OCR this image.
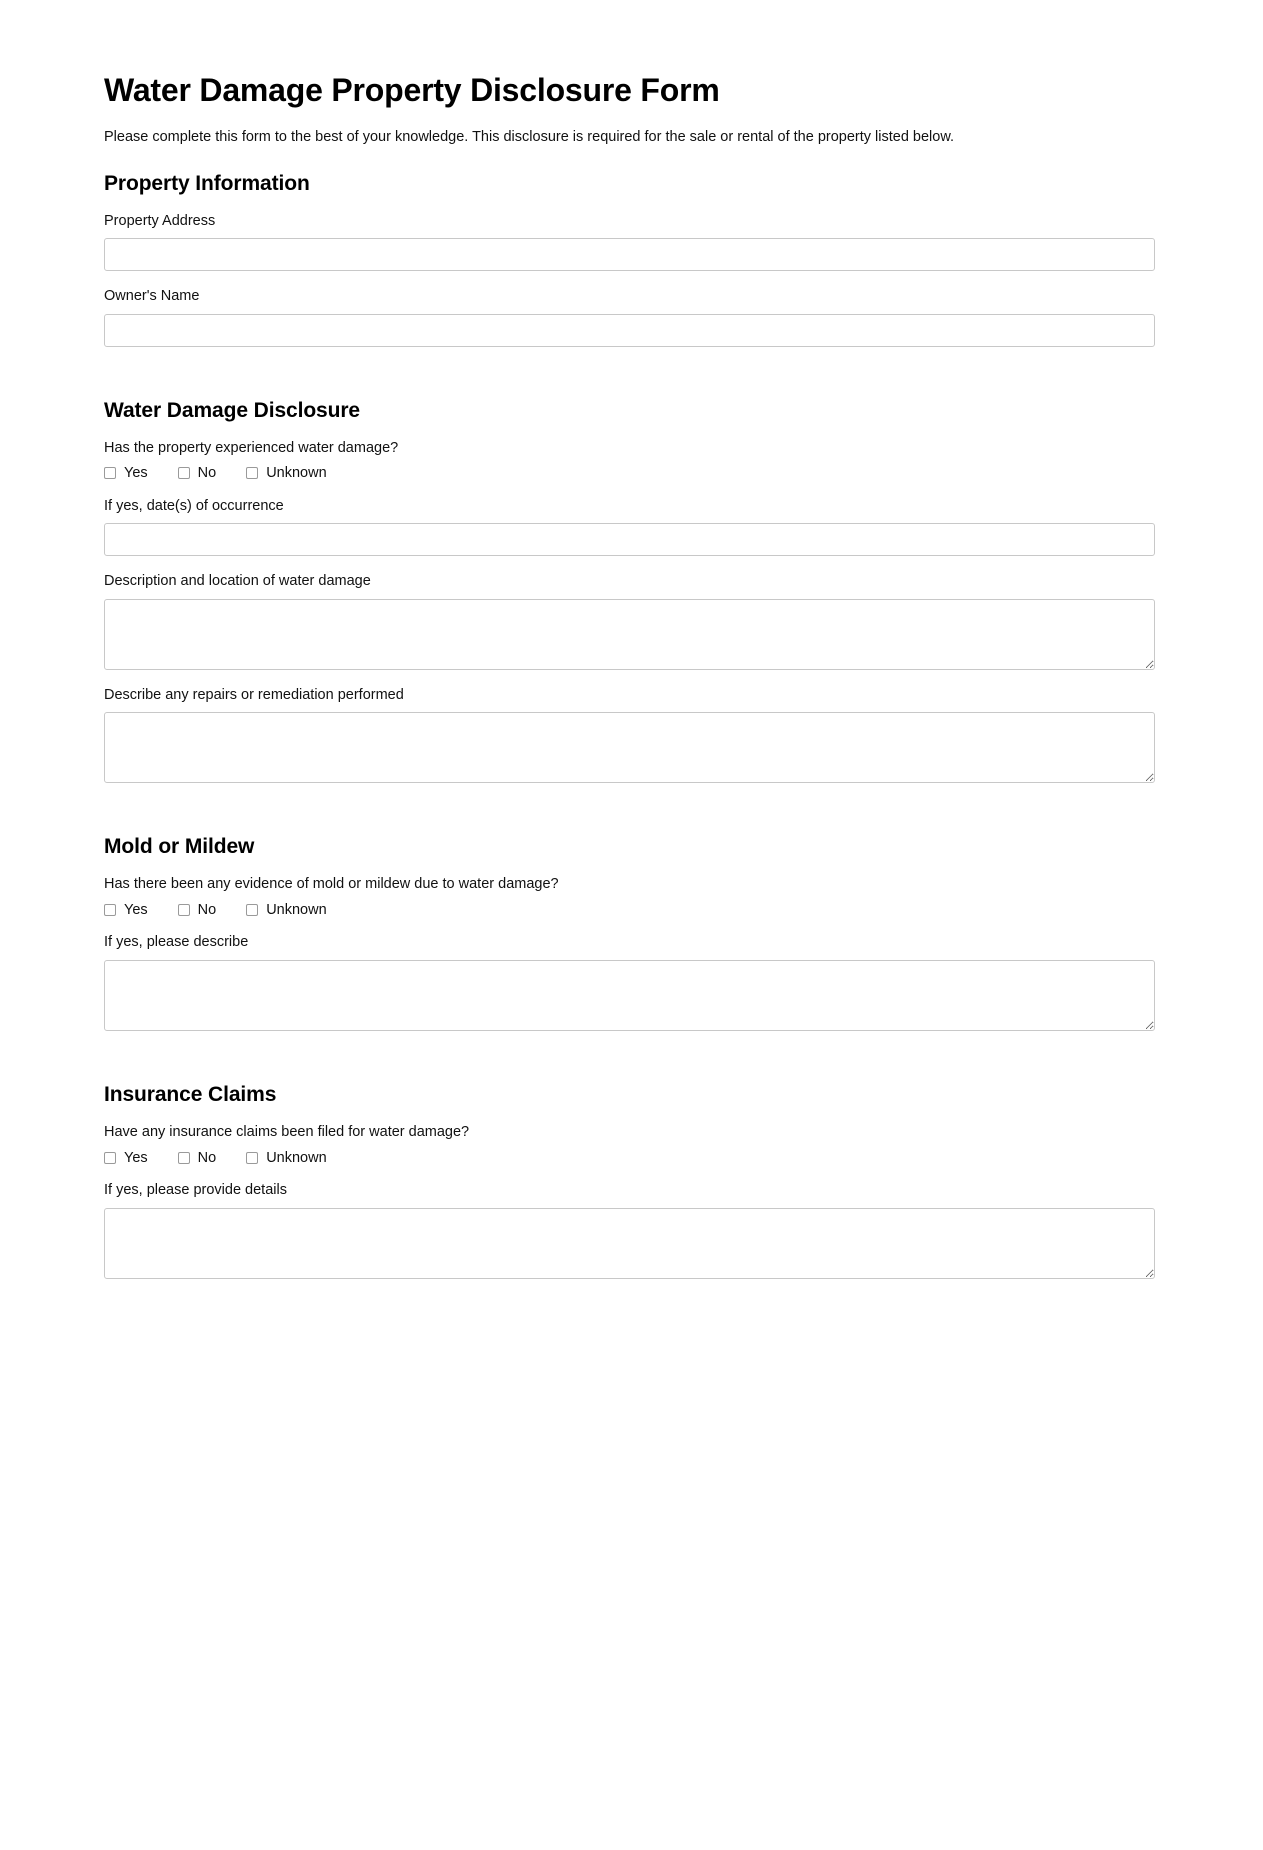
Water Damage Property Disclosure Form

Please complete this form to the best of your knowledge. This disclosure is required for the sale or rental of the property listed below.

Property Information
Property Address
Owner's Name
Water Damage Disclosure

Has the property experienced water damage?

Yes	No	Unknown
If yes, date(s) of occurrence
Description and location of water damage
Describe any repairs or remediation performed
Mold or Mildew

Has there been any evidence of mold or mildew due to water damage?

Yes	No	Unknown
If yes, please describe
Insurance Claims

Have any insurance claims been filed for water damage?

Yes	No	Unknown
If yes, please provide details
